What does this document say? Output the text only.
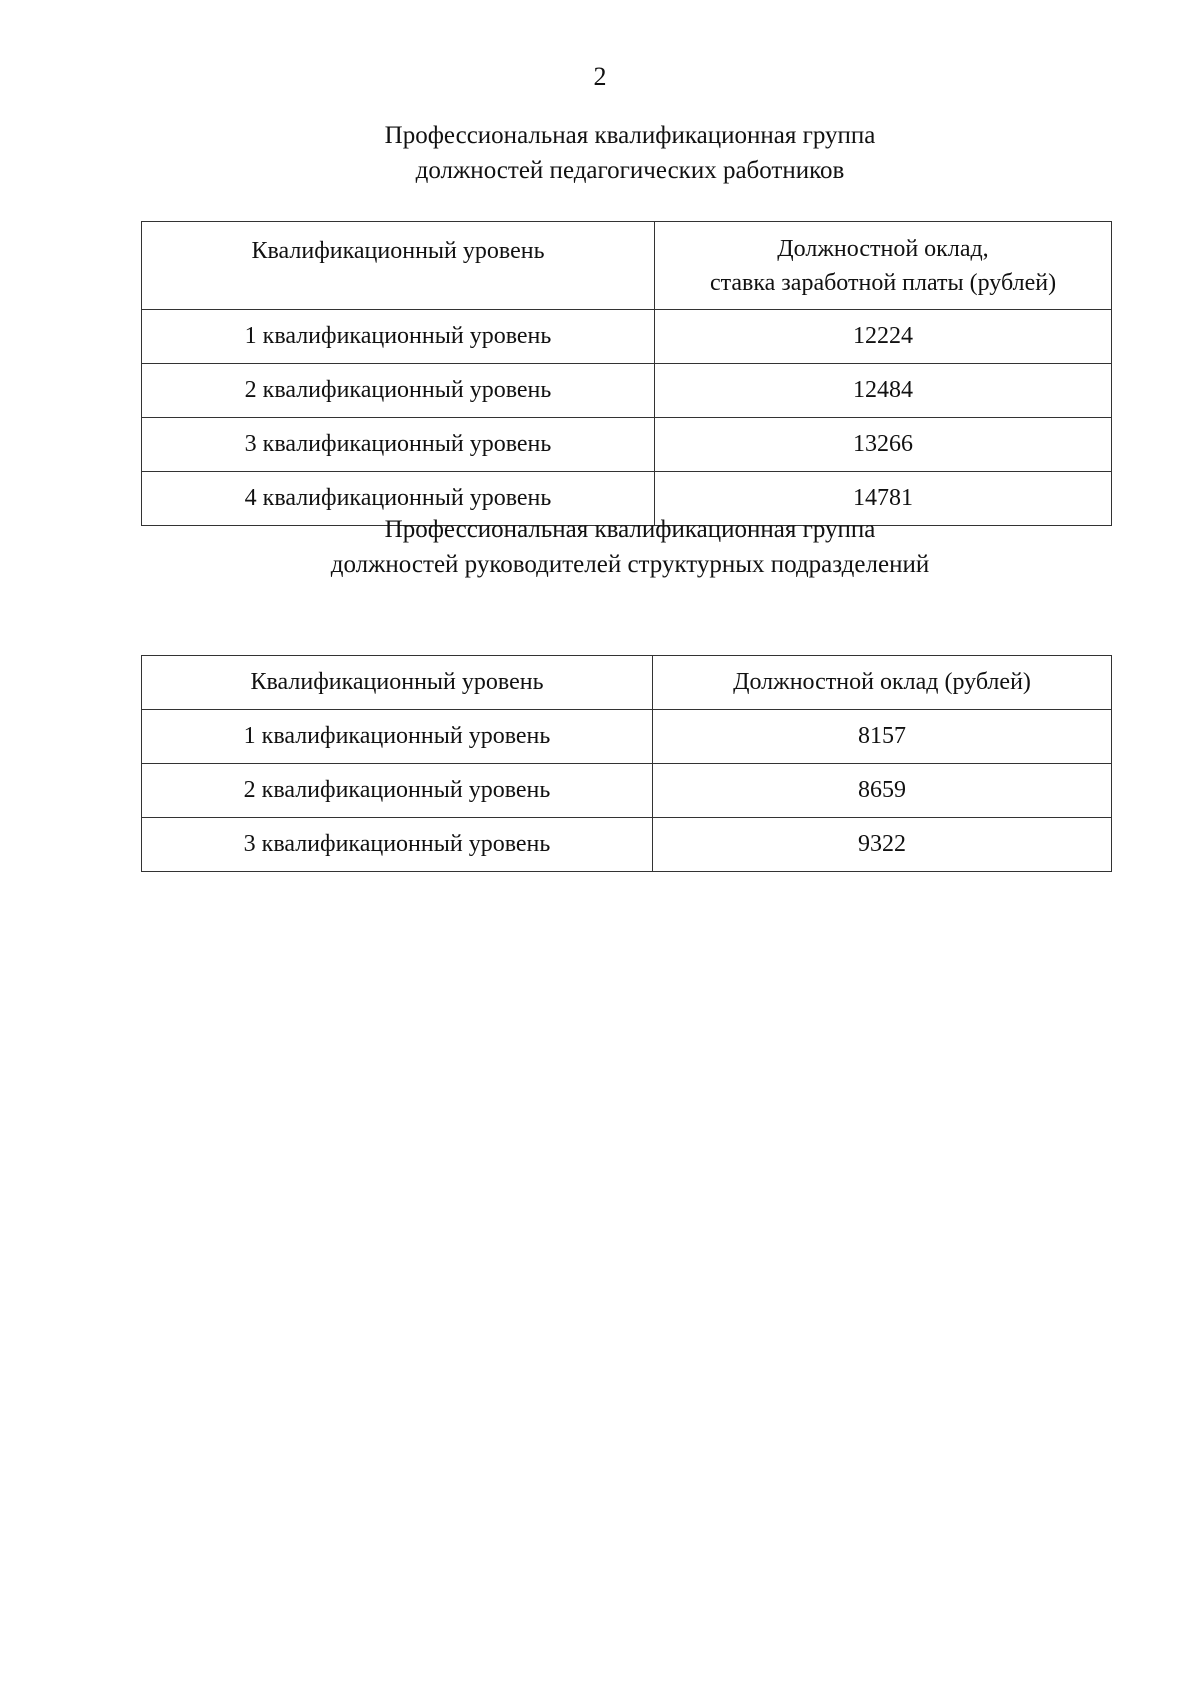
2
Профессиональная квалификационная группа
должностей педагогических работников
Квалификационный уровень	Должностной оклад,
ставка заработной платы (рублей)

1 квалификационный уровень	12224
2 квалификационный уровень	12484
3 квалификационный уровень	13266
4 квалификационный уровень	14781
Профессиональная квалификационная группа
должностей руководителей структурных подразделений
Квалификационный уровень	Должностной оклад (рублей)
1 квалификационный уровень	8157
2 квалификационный уровень	8659
3 квалификационный уровень	9322
